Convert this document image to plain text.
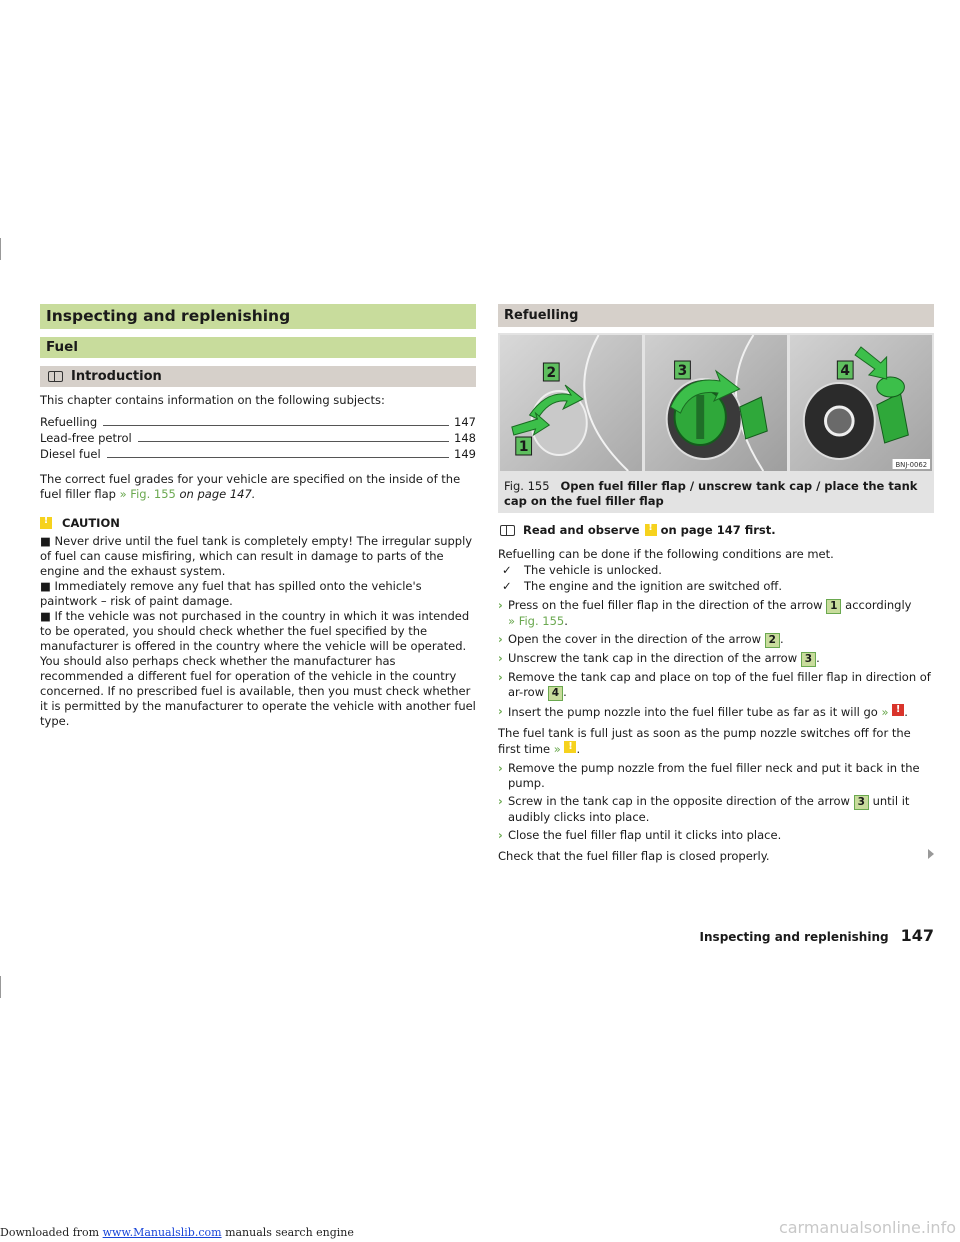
Inspecting and replenishing
Fuel
Introduction

This chapter contains information on the following subjects:

Refuelling	147
Lead-free petrol	148
Diesel fuel	149

The correct fuel grades for your vehicle are specified on the inside of the fuel filler flap » Fig. 155 on page 147.

!
CAUTION

■ Never drive until the fuel tank is completely empty! The irregular supply of fuel can cause misfiring, which can result in damage to parts of the engine and the exhaust system.

■ Immediately remove any fuel that has spilled onto the vehicle's paintwork – risk of paint damage.

■ If the vehicle was not purchased in the country in which it was intended to be operated, you should check whether the fuel specified by the manufacturer is offered in the country where the vehicle will be operated. You should also perhaps check whether the manufacturer has recommended a different fuel for operation of the vehicle in the country concerned. If no prescribed fuel is available, then you must check whether it is permitted by the manufacturer to operate the vehicle with another fuel type.

Refuelling
2
1
3	4
BNJ-0062
Fig. 155 Open fuel filler flap / unscrew tank cap / place the tank cap on the fuel filler flap
Read and observe ! on page 147 first.

Refuelling can be done if the following conditions are met.

✓	The vehicle is unlocked.
✓	The engine and the ignition are switched off.
› Press on the fuel filler flap in the direction of the arrow 1 accordingly
» Fig. 155.
› Open the cover in the direction of the arrow 2 .
› Unscrew the tank cap in the direction of the arrow 3 .
› Remove the tank cap and place on top of the fuel filler flap in direction of ar-row 4 .
› Insert the pump nozzle into the fuel filler tube as far as it will go » ! .

The fuel tank is full just as soon as the pump nozzle switches off for the first time » ! .

› Remove the pump nozzle from the fuel filler neck and put it back in the pump.
› Screw in the tank cap in the opposite direction of the arrow 3 until it audibly clicks into place.
› Close the fuel filler flap until it clicks into place.

Check that the fuel filler flap is closed properly.

Inspecting and replenishing 147
Downloaded from www.Manualslib.com manuals search engine	carmanualsonline.info
